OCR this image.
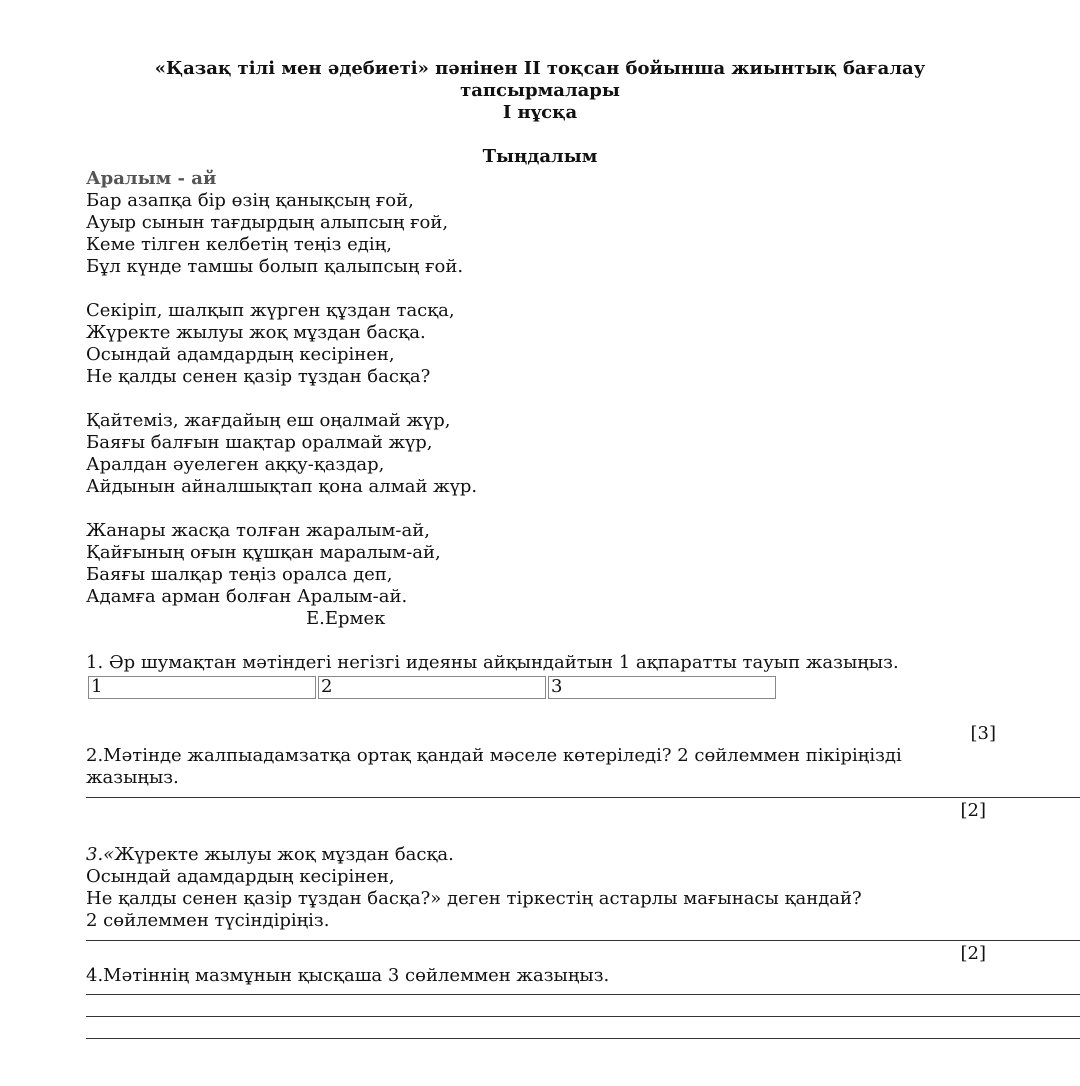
«Қазақ тілі мен әдебиеті» пәнінен II тоқсан бойынша жиынтық бағалау тапсырмалары
I нұсқа
Тыңдалым
Аралым - ай
Бар азапқа бір өзің қанықсың ғой,
Ауыр сынын тағдырдың алыпсың ғой,
Кеме тілген келбетің теңіз едің,
Бұл күнде тамшы болып қалыпсың ғой.
Секіріп, шалқып жүрген құздан тасқа,
Жүректе жылуы жоқ мұздан басқа.
Осындай адамдардың кесірінен,
Не қалды сенен қазір тұздан басқа?
Қайтеміз, жағдайың еш оңалмай жүр,
Баяғы балғын шақтар оралмай жүр,
Аралдан әуелеген аққу-қаздар,
Айдынын айналшықтап қона алмай жүр.
Жанары жасқа толған жаралым-ай,
Қайғының оғын құшқан маралым-ай,
Баяғы шалқар теңіз оралса деп,
Адамға арман болған Аралым-ай.
Е.Ермек
1. Әр шумақтан мәтіндегі негізгі идеяны айқындайтын 1 ақпаратты тауып жазыңыз.
1	2	3
[3]
2.Мәтінде жалпыадамзатқа ортақ қандай мәселе көтеріледі? 2 сөйлеммен пікіріңізді жазыңыз.
[2]
3.«Жүректе жылуы жоқ мұздан басқа.
Осындай адамдардың кесірінен,
Не қалды сенен қазір тұздан басқа?» деген тіркестің астарлы мағынасы қандай?
2 сөйлеммен түсіндіріңіз.
[2]
4.Мәтіннің мазмұнын қысқаша 3 сөйлеммен жазыңыз.
